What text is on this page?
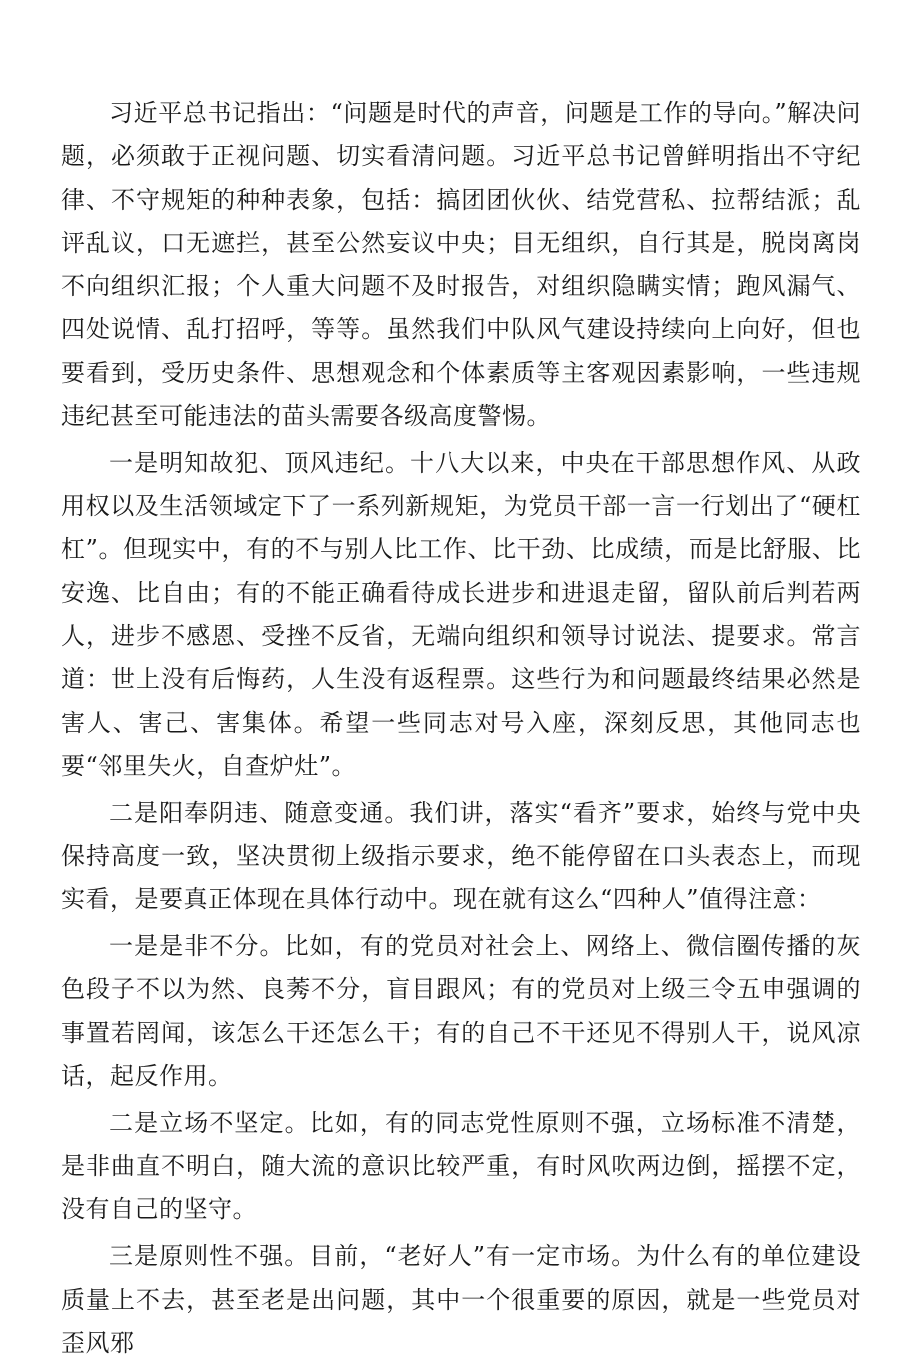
习近平总书记指出：“问题是时代的声音，问题是工作的导向。”解决问题，必须敢于正视问题、切实看清问题。习近平总书记曾鲜明指出不守纪律、不守规矩的种种表象，包括：搞团团伙伙、结党营私、拉帮结派；乱评乱议，口无遮拦，甚至公然妄议中央；目无组织，自行其是，脱岗离岗不向组织汇报；个人重大问题不及时报告，对组织隐瞒实情；跑风漏气、四处说情、乱打招呼，等等。虽然我们中队风气建设持续向上向好，但也要看到，受历史条件、思想观念和个体素质等主客观因素影响，一些违规违纪甚至可能违法的苗头需要各级高度警惕。

一是明知故犯、顶风违纪。十八大以来，中央在干部思想作风、从政用权以及生活领域定下了一系列新规矩，为党员干部一言一行划出了“硬杠杠”。但现实中，有的不与别人比工作、比干劲、比成绩，而是比舒服、比安逸、比自由；有的不能正确看待成长进步和进退走留，留队前后判若两人，进步不感恩、受挫不反省，无端向组织和领导讨说法、提要求。常言道：世上没有后悔药，人生没有返程票。这些行为和问题最终结果必然是害人、害己、害集体。希望一些同志对号入座，深刻反思，其他同志也要“邻里失火，自查炉灶”。

二是阳奉阴违、随意变通。我们讲，落实“看齐”要求，始终与党中央保持高度一致，坚决贯彻上级指示要求，绝不能停留在口头表态上，而现实看，是要真正体现在具体行动中。现在就有这么“四种人”值得注意：

一是是非不分。比如，有的党员对社会上、网络上、微信圈传播的灰色段子不以为然、良莠不分，盲目跟风；有的党员对上级三令五申强调的事置若罔闻，该怎么干还怎么干；有的自己不干还见不得别人干，说风凉话，起反作用。

二是立场不坚定。比如，有的同志党性原则不强，立场标准不清楚，是非曲直不明白，随大流的意识比较严重，有时风吹两边倒，摇摆不定，没有自己的坚守。

三是原则性不强。目前，“老好人”有一定市场。为什么有的单位建设质量上不去，甚至老是出问题，其中一个很重要的原因，就是一些党员对歪风邪
